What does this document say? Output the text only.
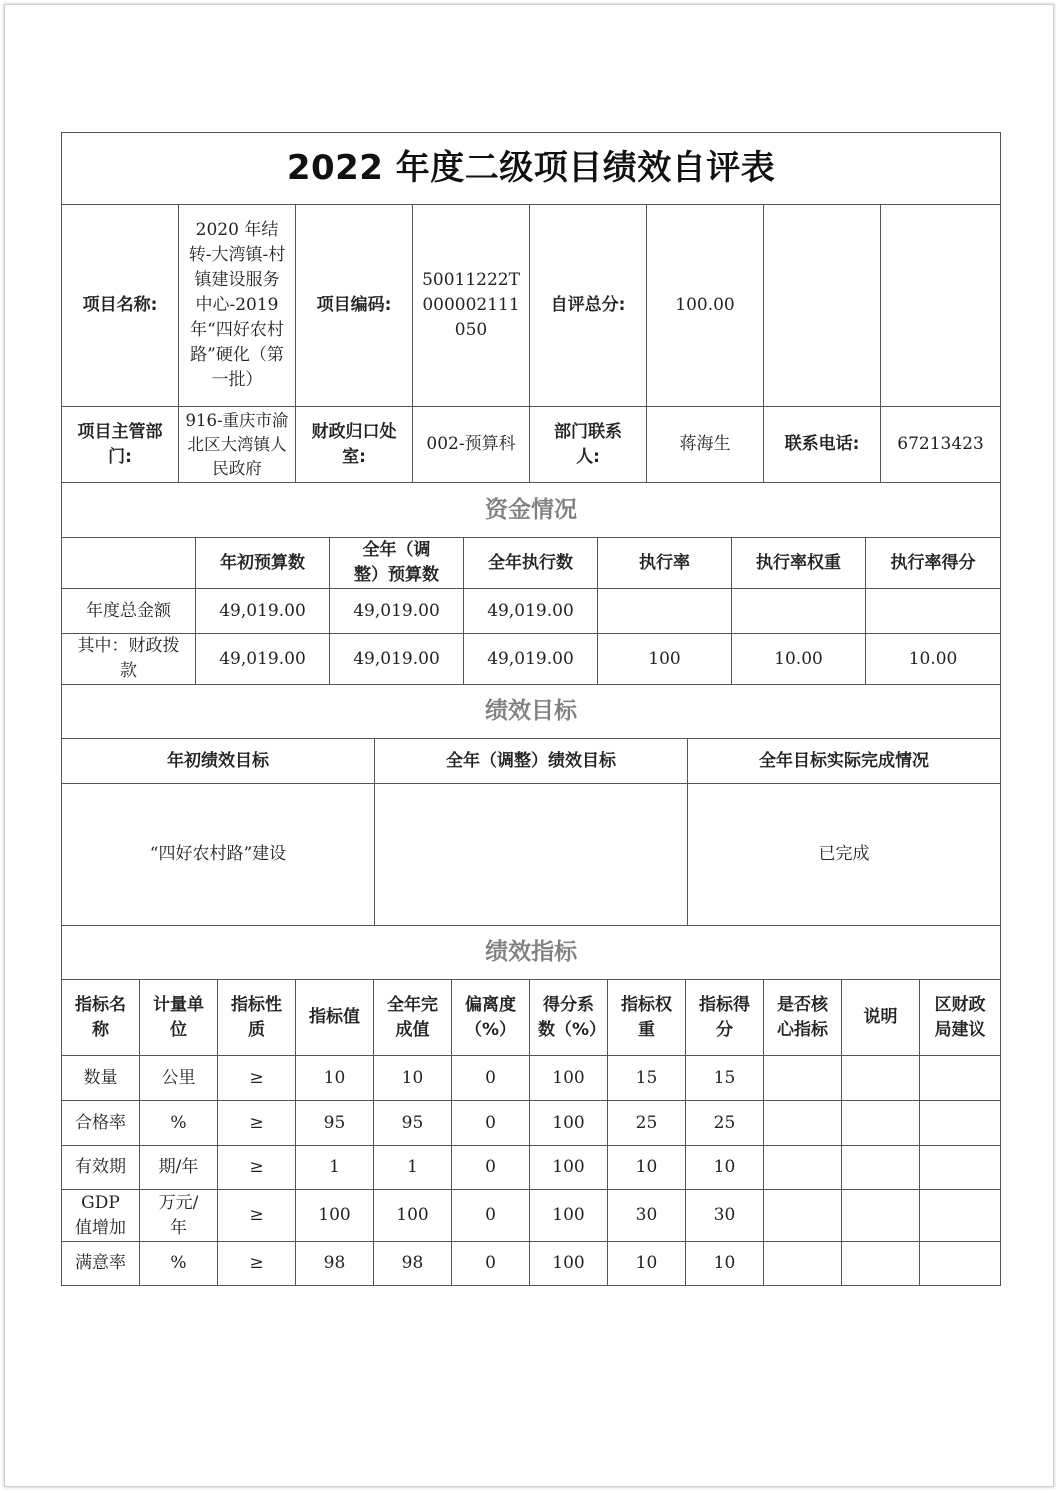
2022 年度二级项目绩效自评表							
项目名称:	2020 年结转-大湾镇-村镇建设服务中心-2019 年“四好农村路”硬化（第一批）	项目编码:	50011222T000002111050	自评总分:	100.00		
项目主管部门:	916-重庆市渝北区大湾镇人民政府	财政归口处室:	002-预算科	部门联系人:	蒋海生	联系电话:	67213423
资金情况						
	年初预算数	全年（调整）预算数	全年执行数	执行率	执行率权重	执行率得分
年度总金额	49,019.00	49,019.00	49,019.00			
其中：财政拨款	49,019.00	49,019.00	49,019.00	100	10.00	10.00
绩效目标		
年初绩效目标	全年（调整）绩效目标	全年目标实际完成情况
“四好农村路”建设		已完成
绩效指标											
指标名称	计量单位	指标性质	指标值	全年完成值	偏离度（%）	得分系数（%）	指标权重	指标得分	是否核心指标	说明	区财政局建议
数量	公里	≥	10	10	0	100	15	15			
合格率	%	≥	95	95	0	100	25	25			
有效期	期/年	≥	1	1	0	100	10	10			
GDP 值增加	万元/年	≥	100	100	0	100	30	30			
满意率	%	≥	98	98	0	100	10	10			
